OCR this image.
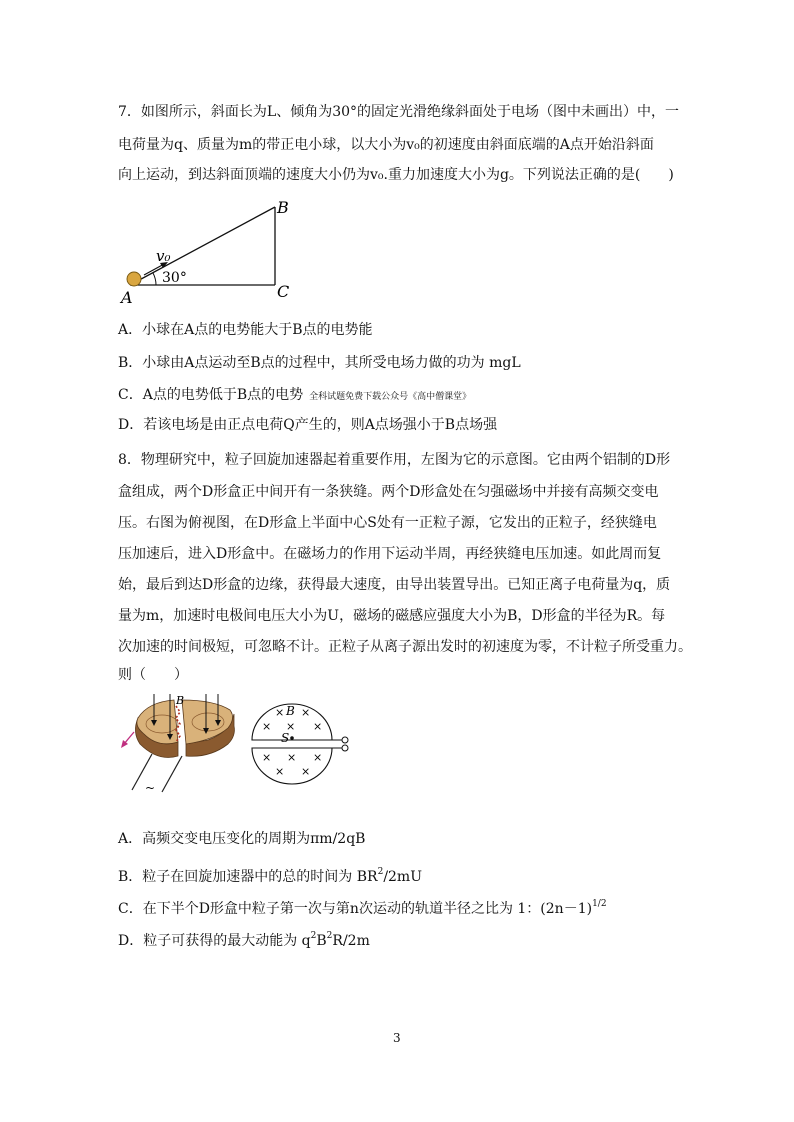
7．如图所示，斜面长为L、倾角为30°的固定光滑绝缘斜面处于电场（图中未画出）中，一
电荷量为q、质量为m的带正电小球，以大小为v₀的初速度由斜面底端的A点开始沿斜面
向上运动，到达斜面顶端的速度大小仍为v₀.重力加速度大小为g。下列说法正确的是(　　)
v₀
30°
A
B
C
A．小球在A点的电势能大于B点的电势能
B．小球由A点运动至B点的过程中，其所受电场力做的功为 mgL
C．A点的电势低于B点的电势 全科试题免费下载公众号《高中僧课堂》
D．若该电场是由正点电荷Q产生的，则A点场强小于B点场强
8．物理研究中，粒子回旋加速器起着重要作用，左图为它的示意图。它由两个铝制的D形
盒组成，两个D形盒正中间开有一条狭缝。两个D形盒处在匀强磁场中并接有高频交变电
压。右图为俯视图，在D形盒上半面中心S处有一正粒子源，它发出的正粒子，经狭缝电
压加速后，进入D形盒中。在磁场力的作用下运动半周，再经狭缝电压加速。如此周而复
始，最后到达D形盒的边缘，获得最大速度，由导出装置导出。已知正离子电荷量为q，质
量为m，加速时电极间电压大小为U，磁场的磁感应强度大小为B，D形盒的半径为R。每
次加速的时间极短，可忽略不计。正粒子从离子源出发时的初速度为零，不计粒子所受重力。
则（　　）
B
~
S
B
× ×
× × ×
× × ×
× ×
A．高频交变电压变化的周期为πm/2qB
B．粒子在回旋加速器中的总的时间为 $BR^2/2mU$
C．在下半个D形盒中粒子第一次与第n次运动的轨道半径之比为 1：$(2n-1)^{1/2}$
D．粒子可获得的最大动能为 $q^2B^2R/2m$
3
